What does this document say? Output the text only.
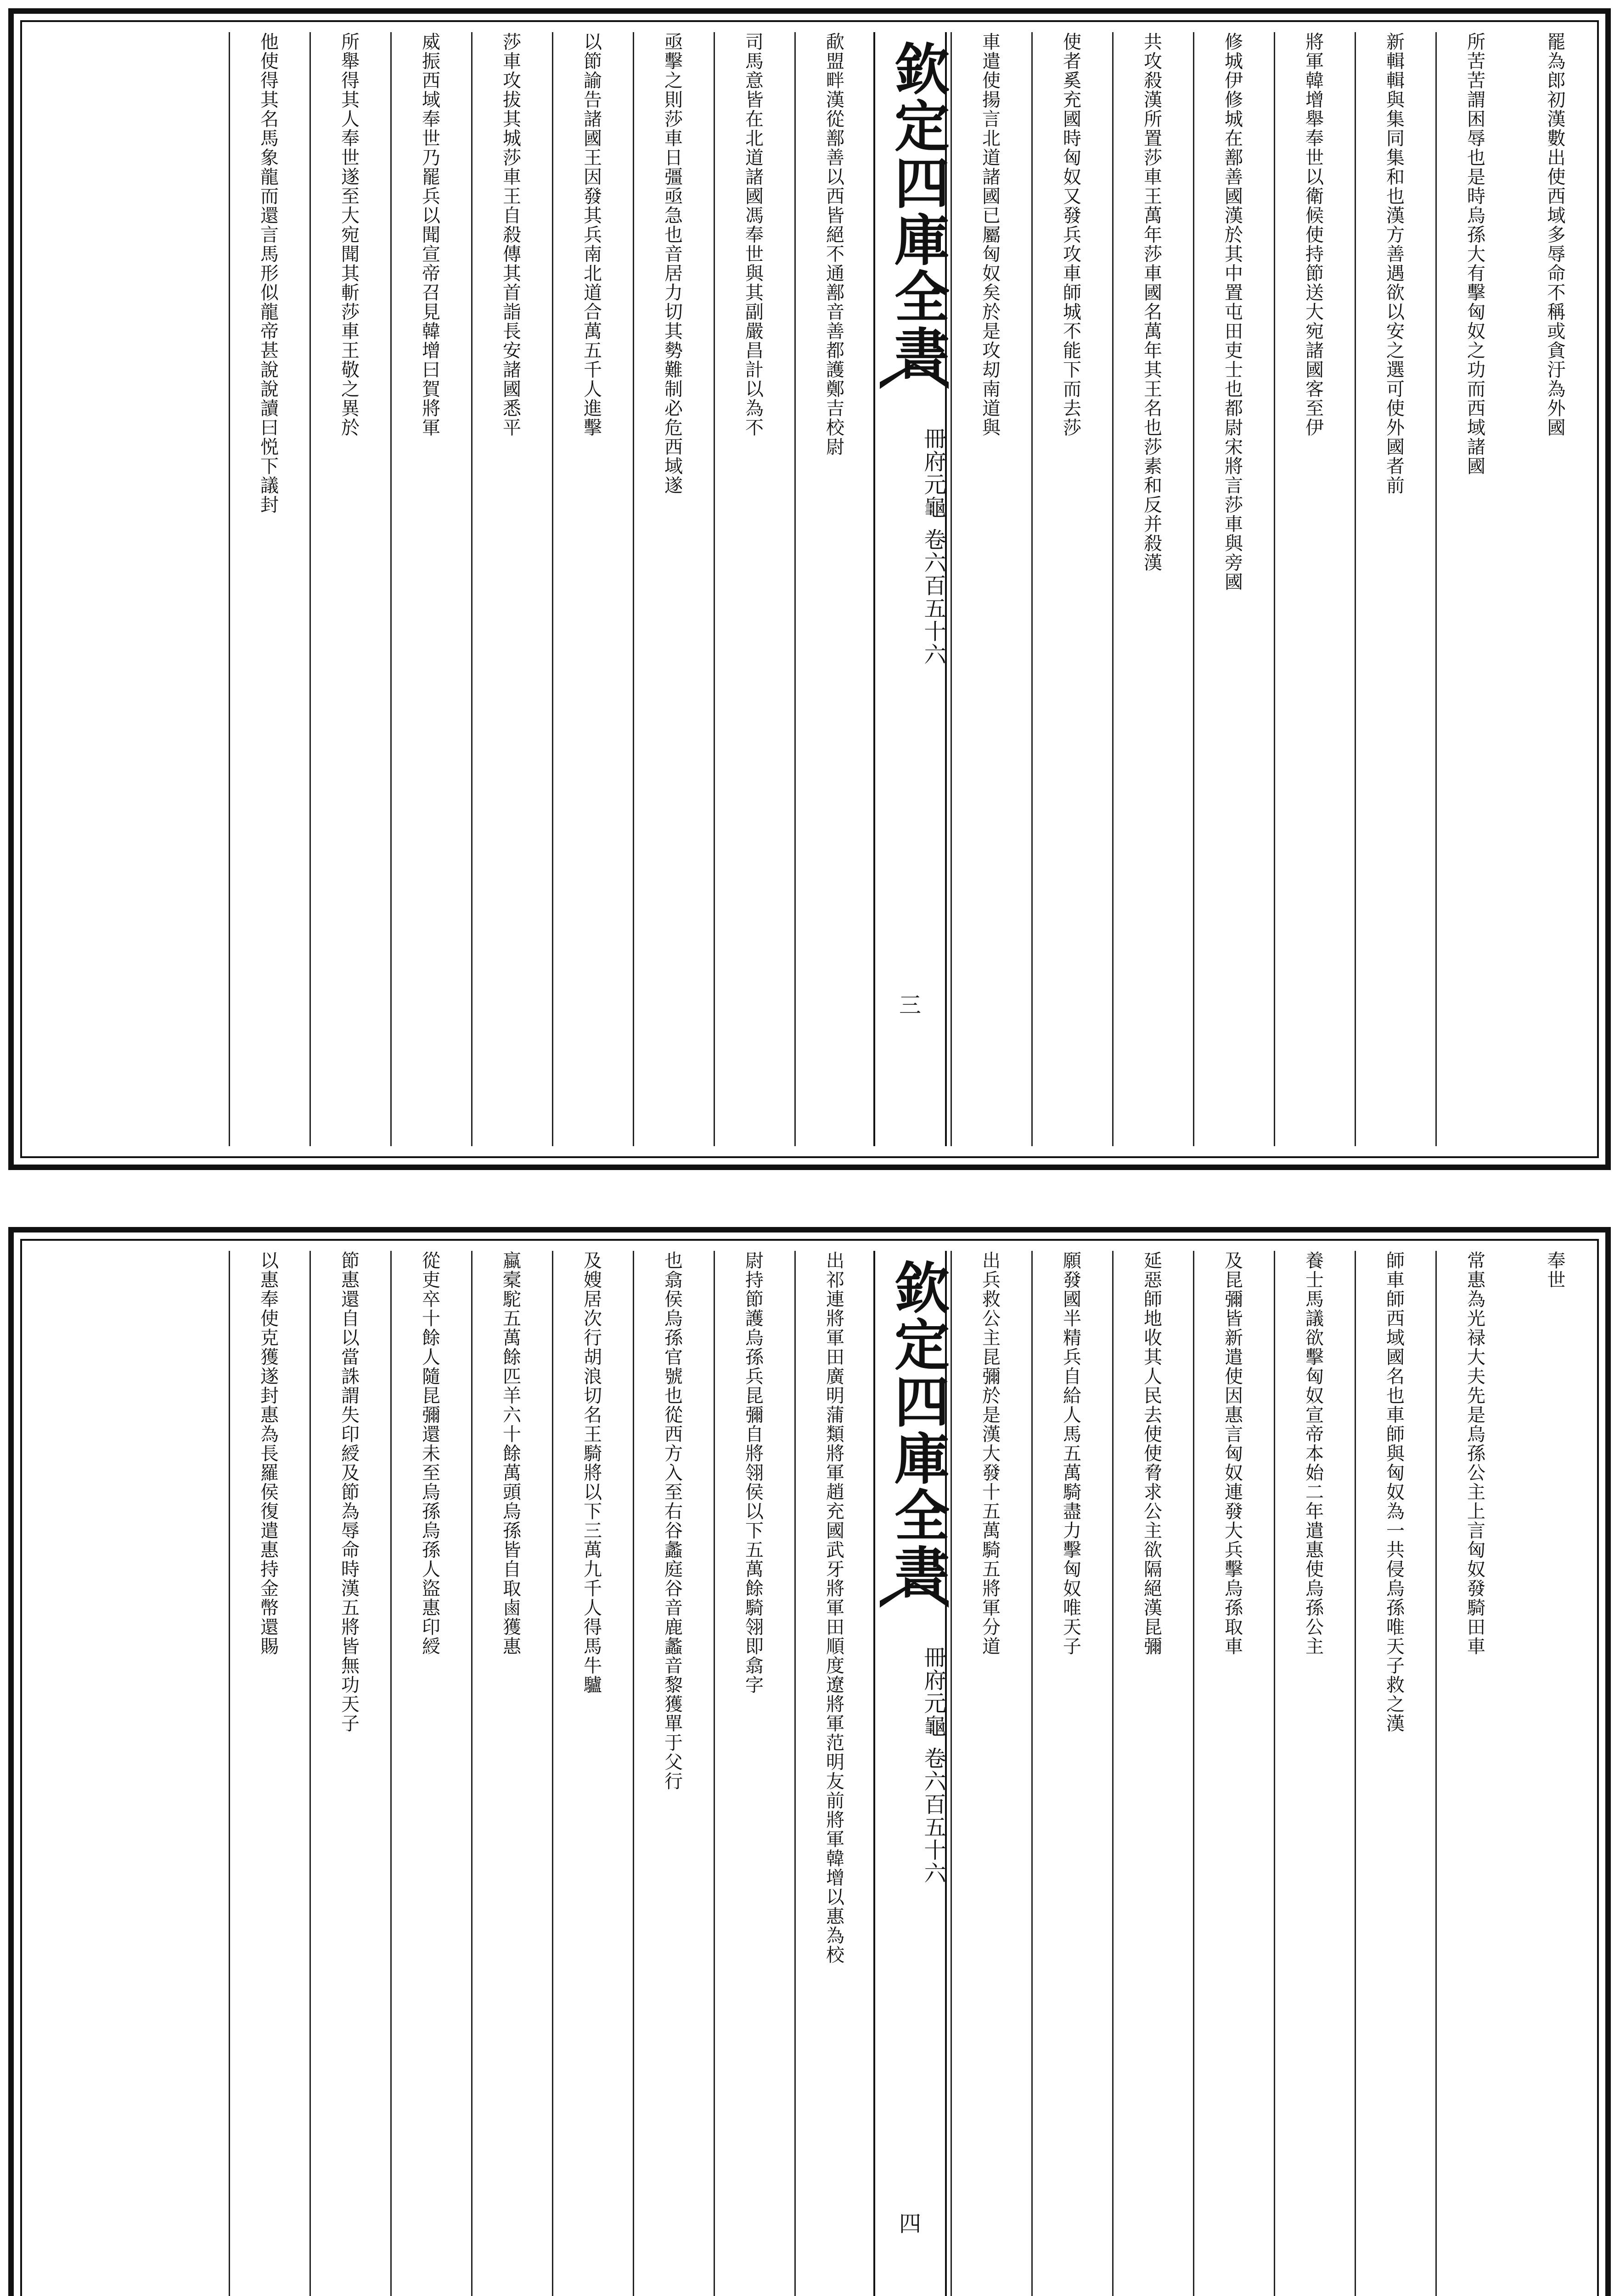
罷為郎初漢數出使西域多辱命不稱或貪汙為外國
所苦苦謂困辱也是時烏孫大有擊匈奴之功而西域諸國
新輯輯與集同集和也漢方善遇欲以安之選可使外國者前
將軍韓增舉奉世以衛候使持節送大宛諸國客至伊
修城伊修城在鄯善國漢於其中置屯田吏士也都尉宋將言莎車與旁國
共攻殺漢所置莎車王萬年莎車國名萬年其王名也莎素和反并殺漢
使者奚充國時匈奴又發兵攻車師城不能下而去莎
車遣使揚言北道諸國已屬匈奴矣於是攻刧南道與
欽定四庫全書
冊府元龜
卷六百五十六
三
歃盟畔漢從鄯善以西皆絕不通鄯音善都護鄭吉校尉
司馬意皆在北道諸國馮奉世與其副嚴昌計以為不
亟擊之則莎車日彊亟急也音居力切其勢難制必危西域遂
以節諭告諸國王因發其兵南北道合萬五千人進擊
莎車攻拔其城莎車王自殺傳其首詣長安諸國悉平
威振西域奉世乃罷兵以聞宣帝召見韓增曰賀將軍
所舉得其人奉世遂至大宛聞其斬莎車王敬之異於
他使得其名馬象龍而還言馬形似龍帝甚說說讀曰悦下議封
奉世
常惠為光禄大夫先是烏孫公主上言匈奴發騎田車
師車師西域國名也車師與匈奴為一共侵烏孫唯天子救之漢
養士馬議欲擊匈奴宣帝本始二年遣惠使烏孫公主
及昆彌皆新遣使因惠言匈奴連發大兵擊烏孫取車
延惡師地收其人民去使使脅求公主欲隔絕漢昆彌
願發國半精兵自給人馬五萬騎盡力擊匈奴唯天子
出兵救公主昆彌於是漢大發十五萬騎五將軍分道
欽定四庫全書
冊府元龜
卷六百五十六
四
出祁連將軍田廣明蒲類將軍趙充國武牙將軍田順度遼將軍范明友前將軍韓增以惠為校
尉持節護烏孫兵昆彌自將翎侯以下五萬餘騎翎即翕字
也翕侯烏孫官號也從西方入至右谷蠡庭谷音鹿蠡音黎獲單于父行
及嫂居次行胡浪切名王騎將以下三萬九千人得馬牛驢
蠃槖駝五萬餘匹羊六十餘萬頭烏孫皆自取鹵獲惠
從吏卒十餘人隨昆彌還未至烏孫烏孫人盜惠印綬
節惠還自以當誅謂失印綬及節為辱命時漢五將皆無功天子
以惠奉使克獲遂封惠為長羅侯復遣惠持金幣還賜
